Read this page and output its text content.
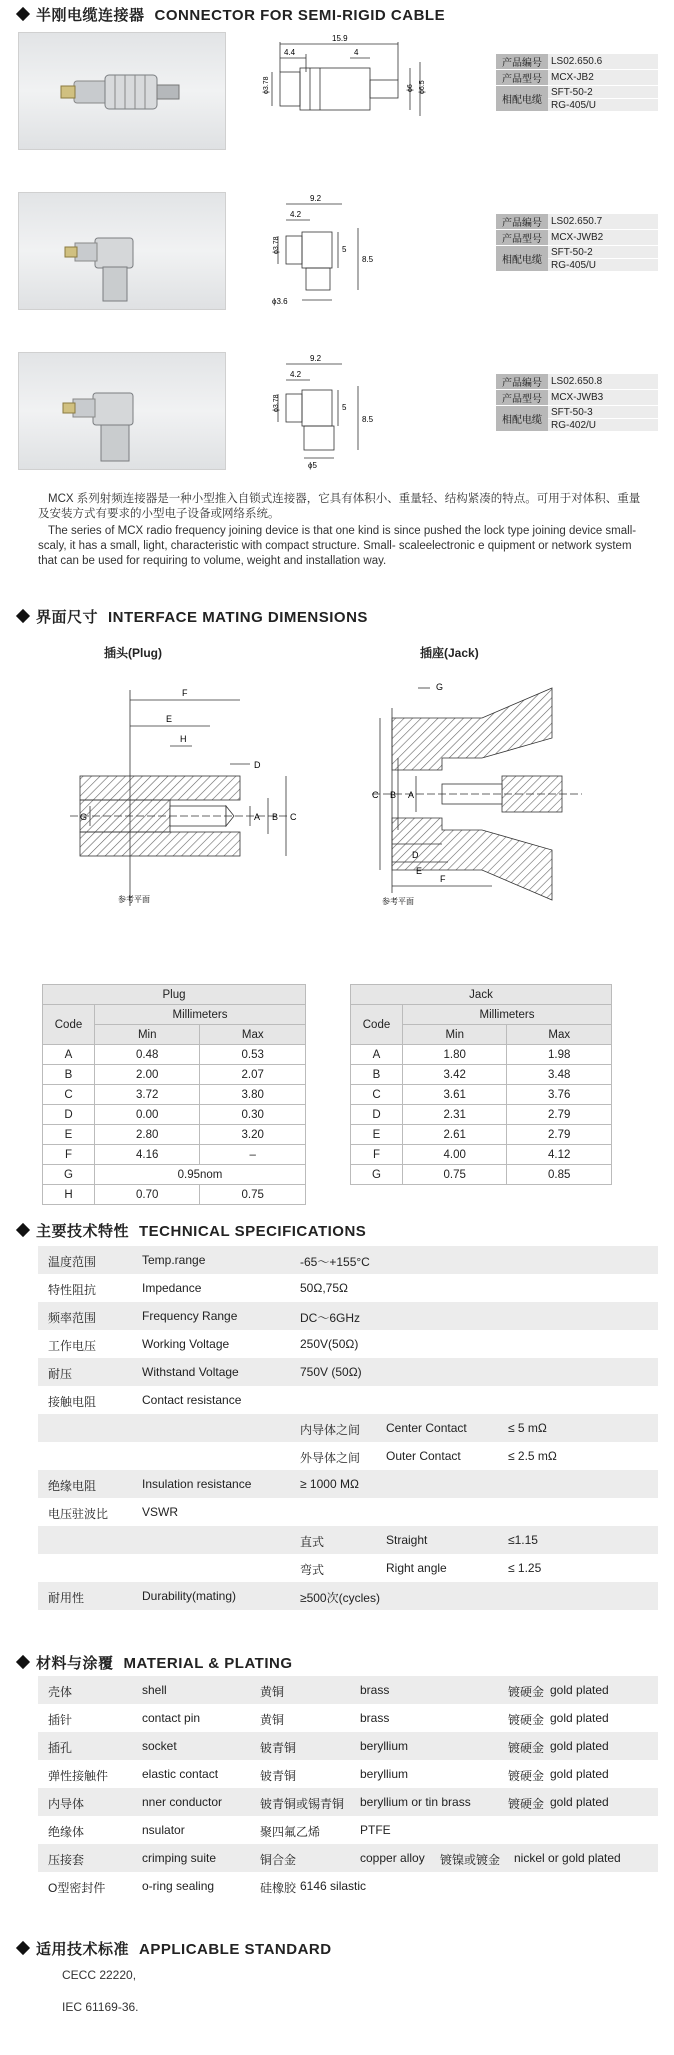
半刚电缆连接器 CONNECTOR FOR SEMI-RIGID CABLE
15.9
4.4	4
ϕ3.78	ϕ6 ϕ6.5
产品编号	LS02.650.6
产品型号	MCX-JB2
相配电缆	SFT-50-2
	RG-405/U
9.2
4.2
ϕ3.78	5
8.5
ϕ3.6
产品编号	LS02.650.7
产品型号	MCX-JWB2
相配电缆	SFT-50-2
	RG-405/U
9.2
4.2
ϕ3.78	5
8.5
ϕ5
产品编号	LS02.650.8
产品型号	MCX-JWB3
相配电缆	SFT-50-3
	RG-402/U
MCX 系列射频连接器是一种小型推入自锁式连接器，它具有体积小、重量轻、结构紧凑的特点。可用于对体积、重量及安装方式有要求的小型电子设备或网络系统。
The series of MCX radio frequency joining device is that one kind is since pushed the lock type joining device small-scaly, it has a small, light, characteristic with compact structure. Small- scaleelectronic e quipment or network system that can be used for requiring to volume, weight and installation way.
界面尺寸 INTERFACE MATING DIMENSIONS
插头(Plug)	插座(Jack)
F
E
H
D
A B C
G
参考平面
G
C B A
D
E
F
参考平面
Plug		
Code	Millimeters	
	Min	Max
A	0.48	0.53
B	2.00	2.07
C	3.72	3.80
D	0.00	0.30
E	2.80	3.20
F	4.16	–
G	0.95nom	
H	0.70	0.75
Jack		
Code	Millimeters	
	Min	Max
A	1.80	1.98
B	3.42	3.48
C	3.61	3.76
D	2.31	2.79
E	2.61	2.79
F	4.00	4.12
G	0.75	0.85
主要技术特性 TECHNICAL SPECIFICATIONS
温度范围	Temp.range	-65～+155°C
特性阻抗	Impedance	50Ω,75Ω
频率范围	Frequency Range	DC～6GHz
工作电压	Working Voltage	250V(50Ω)
耐压	Withstand Voltage	750V (50Ω)
接触电阻	Contact resistance
内导体之间 Center Contact	≤ 5 mΩ
外导体之间 Outer Contact	≤ 2.5 mΩ
绝缘电阻	Insulation resistance	≥ 1000 MΩ
电压驻波比	VSWR
直式	Straight	≤1.15
弯式	Right angle	≤ 1.25
耐用性	Durability(mating)	≥500次(cycles)
材料与涂覆 MATERIAL & PLATING
壳体	shell	黄铜	brass	镀硬金 gold plated
插针	contact pin	黄铜	brass	镀硬金 gold plated
插孔	socket	铍青铜	beryllium	镀硬金 gold plated
弹性接触件	elastic contact	铍青铜	beryllium	镀硬金 gold plated
内导体	nner conductor	铍青铜或锡青铜 beryllium or tin brass	镀硬金 gold plated
绝缘体	nsulator	聚四氟乙烯	PTFE
压接套	crimping suite	铜合金	copper alloy 镀镍或镀金 nickel or gold plated
O型密封件	o-ring sealing	硅橡胶 6146 silastic
适用技术标准 APPLICABLE STANDARD
CECC 22220,
IEC 61169-36.
